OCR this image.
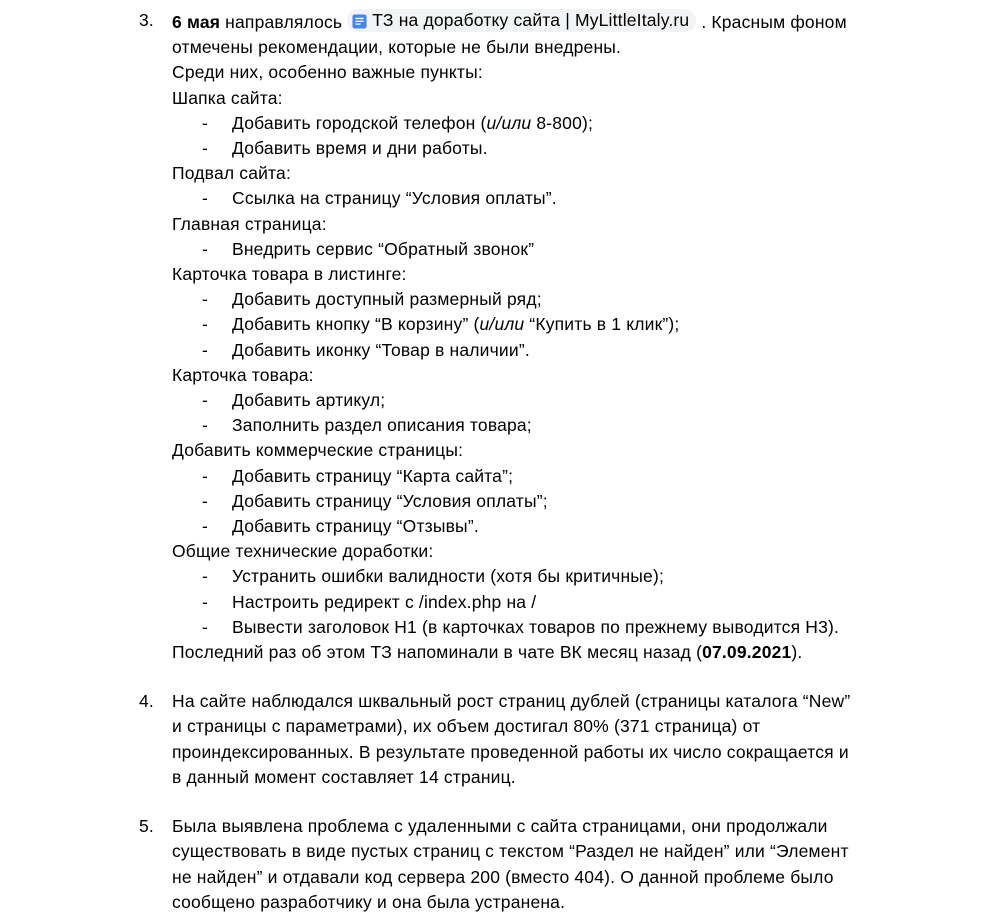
3.	6 мая направлялось ТЗ на доработку сайта | MyLittleItaly.ru . Красным фоном отмечены рекомендации, которые не были внедрены.

Среди них, особенно важные пункты:

Шапка сайта:

- Добавить городской телефон (и/или 8-800);
- Добавить время и дни работы.

Подвал сайта:

- Ссылка на страницу “Условия оплаты”.

Главная страница:

- Внедрить сервис “Обратный звонок”

Карточка товара в листинге:

- Добавить доступный размерный ряд;
- Добавить кнопку “В корзину” (и/или “Купить в 1 клик”);
- Добавить иконку “Товар в наличии”.

Карточка товара:

- Добавить артикул;
- Заполнить раздел описания товара;

Добавить коммерческие страницы:

- Добавить страницу “Карта сайта”;
- Добавить страницу “Условия оплаты”;
- Добавить страницу “Отзывы”.

Общие технические доработки:

- Устранить ошибки валидности (хотя бы критичные);
- Настроить редирект с /index.php на /
- Вывести заголовок H1 (в карточках товаров по прежнему выводится H3).

Последний раз об этом ТЗ напоминали в чате ВК месяц назад (07.09.2021).

4.	На сайте наблюдался шквальный рост страниц дублей (страницы каталога “New” и страницы с параметрами), их объем достигал 80% (371 страница) от проиндексированных. В результате проведенной работы их число сокращается и в данный момент составляет 14 страниц.

5.	Была выявлена проблема с удаленными с сайта страницами, они продолжали существовать в виде пустых страниц с текстом “Раздел не найден” или “Элемент не найден” и отдавали код сервера 200 (вместо 404). О данной проблеме было сообщено разработчику и она была устранена.
